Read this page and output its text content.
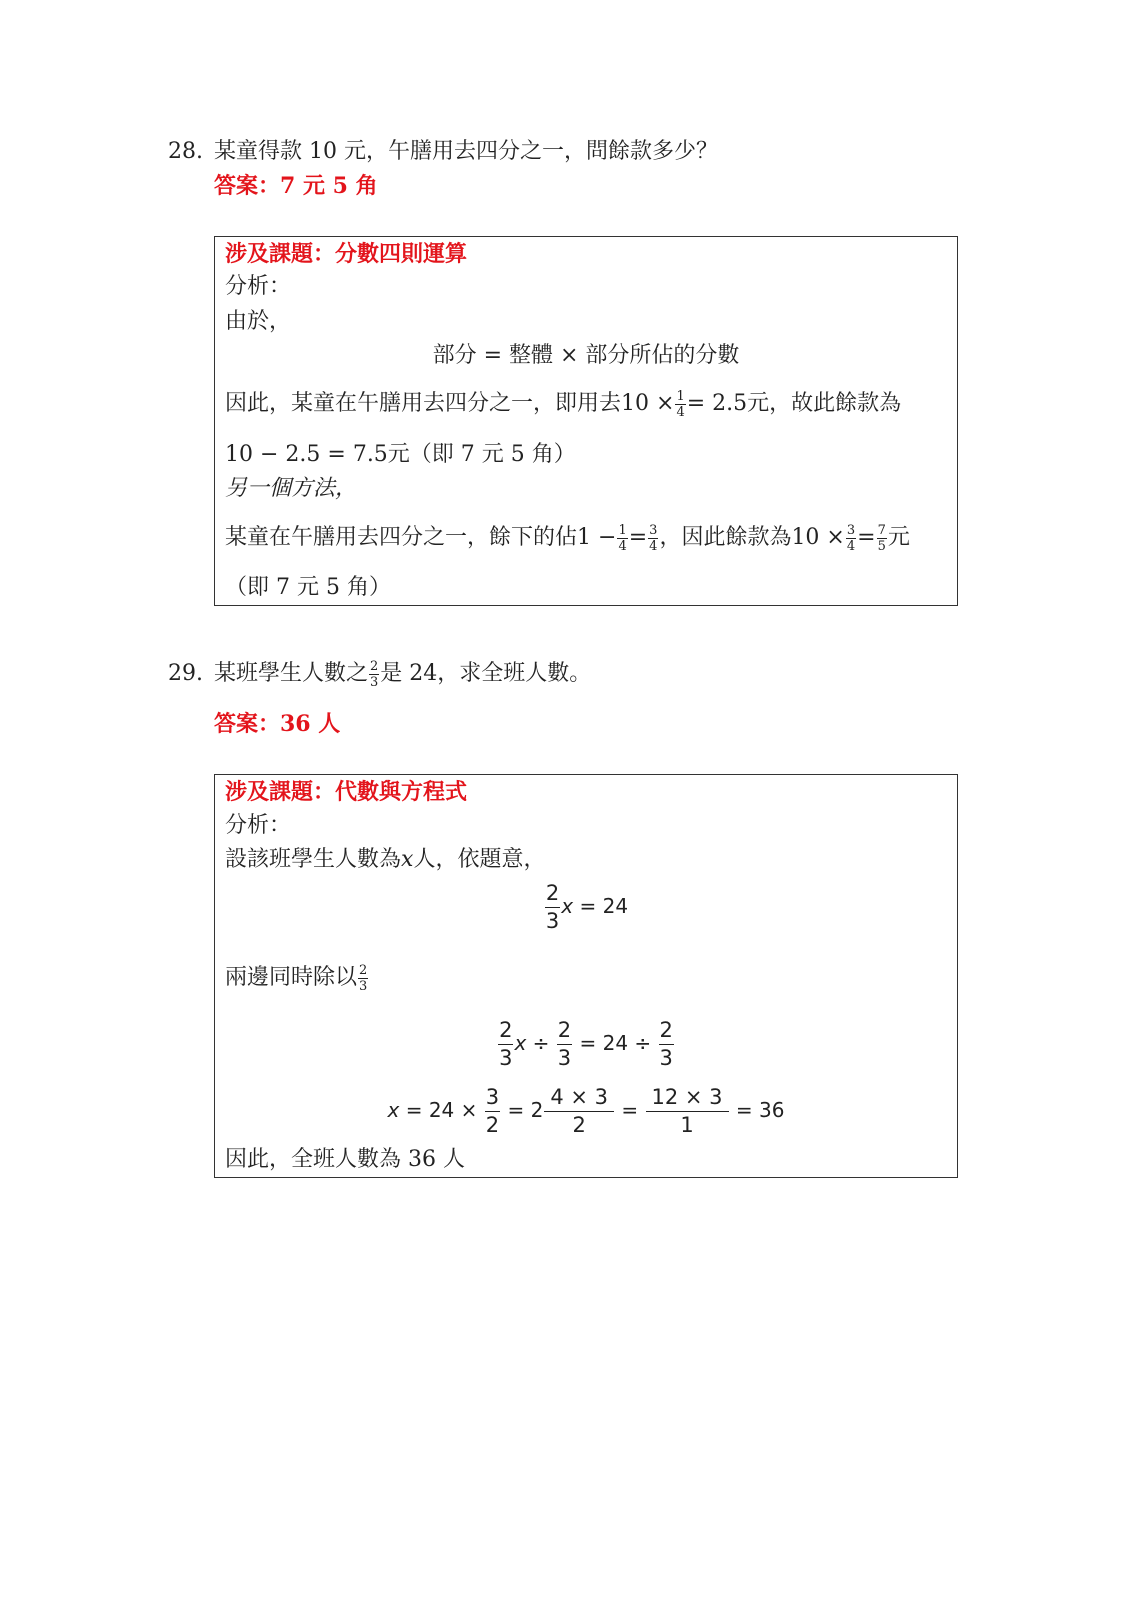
28. 某童得款 10 元，午膳用去四分之一，問餘款多少？
答案：7 元 5 角
涉及課題：分數四則運算
分析：
由於，
部分 = 整體 × 部分所佔的分數
因此，某童在午膳用去四分之一，即用去$10 \times \frac{1}{4} = 2.5$元，故此餘款為
10 − 2.5 = 7.5元（即 7 元 5 角）
另一個方法，
某童在午膳用去四分之一，餘下的佔$1 - \frac{1}{4} = \frac{3}{4}$ ，因此餘款為$10 \times \frac{3}{4} = \frac{7}{5}$ 元
（即 7 元 5 角）
29. 某班學生人數之 $\frac{2}{3}$ 是 24，求全班人數。
答案：36 人
涉及課題：代數與方程式
分析：
設該班學生人數為x人，依題意，
$\frac{2}{3}$ x = 24
兩邊同時除以 $\frac{2}{3}$
$\frac{2}{3}$ $x \div \frac{2}{3} = 24 \div \frac{2}{3}$
$x = 24 \times \frac{3}{2} = 2 \frac{4 \times 3}{2} = \frac{12 \times 3}{1} = 36$
因此，全班人數為 36 人
